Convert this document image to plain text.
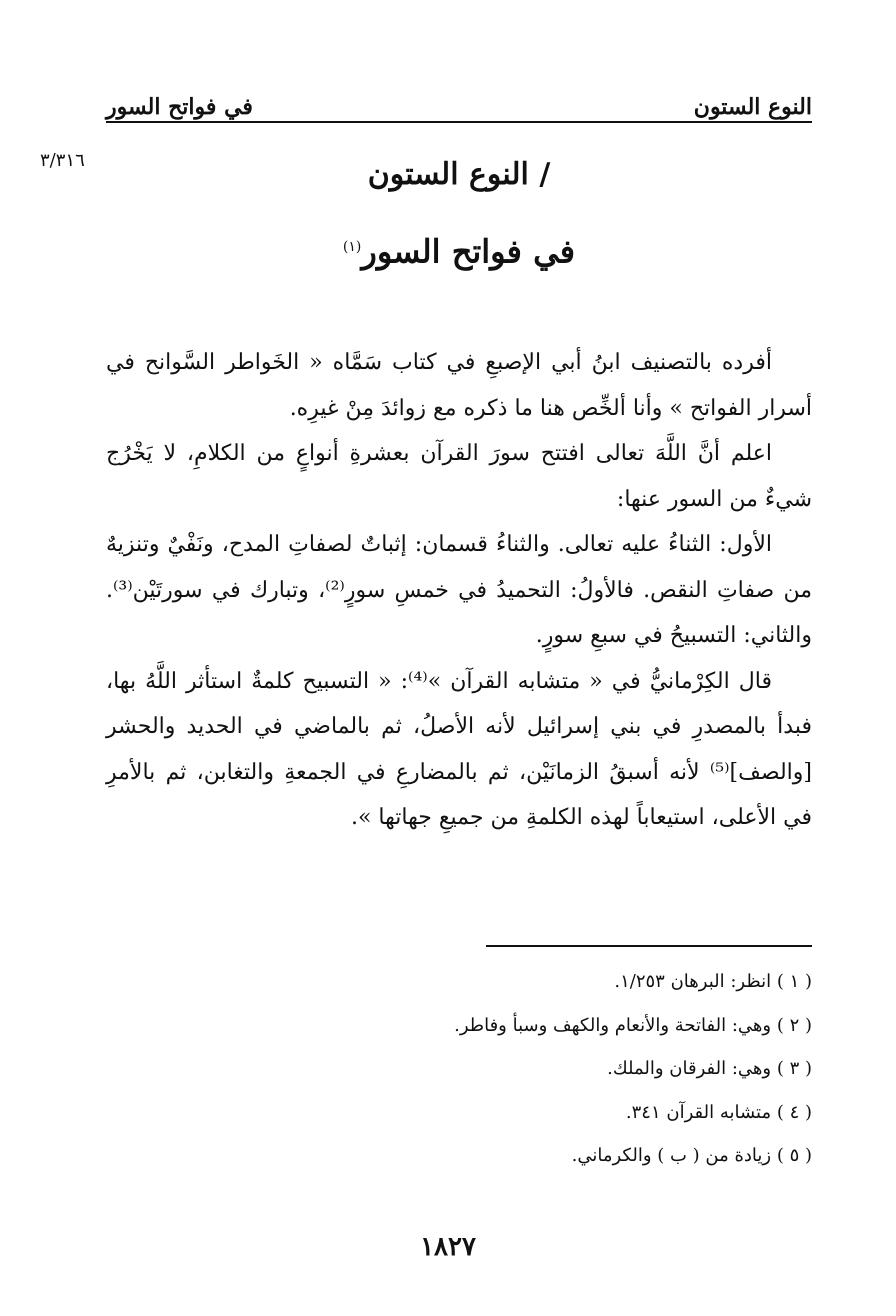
النوع الستون
في فواتح السور
٣/٣١٦	/ النوع الستون
في فواتح السور$^{(١)}$

أفرده بالتصنيف ابنُ أبي الإصبعِ في كتاب سَمَّاه « الخَواطر السَّوانح في أسرار الفواتح » وأنا ألخِّص هنا ما ذكره مع زوائدَ مِنْ غيرِه.

اعلم أنَّ اللَّهَ تعالى افتتح سورَ القرآن بعشرةِ أنواعٍ من الكلامِ، لا يَخْرُج شيءٌ من السور عنها:

الأول: الثناءُ عليه تعالى. والثناءُ قسمان: إثباتٌ لصفاتِ المدح، ونَفْيٌ وتنزيهٌ من صفاتِ النقص. فالأولُ: التحميدُ في خمسِ سورٍ⁽²⁾، وتبارك في سورتَيْن⁽³⁾. والثاني: التسبيحُ في سبعِ سورٍ.

قال الكِرْمانيُّ في « متشابه القرآن »⁽⁴⁾: « التسبيح كلمةٌ استأثر اللَّهُ بها، فبدأ بالمصدرِ في بني إسرائيل لأنه الأصلُ، ثم بالماضي في الحديد والحشر [والصف]⁽⁵⁾ لأنه أسبقُ الزمانَيْن، ثم بالمضارعِ في الجمعةِ والتغابن، ثم بالأمرِ في الأعلى، استيعاباً لهذه الكلمةِ من جميعِ جهاتها ».

( ١ ) انظر: البرهان ١/٢٥٣.
( ٢ ) وهي: الفاتحة والأنعام والكهف وسبأ وفاطر.
( ٣ ) وهي: الفرقان والملك.
( ٤ ) متشابه القرآن ٣٤١.
( ٥ ) زيادة من ( ب ) والكرماني.
١٨٢٧
